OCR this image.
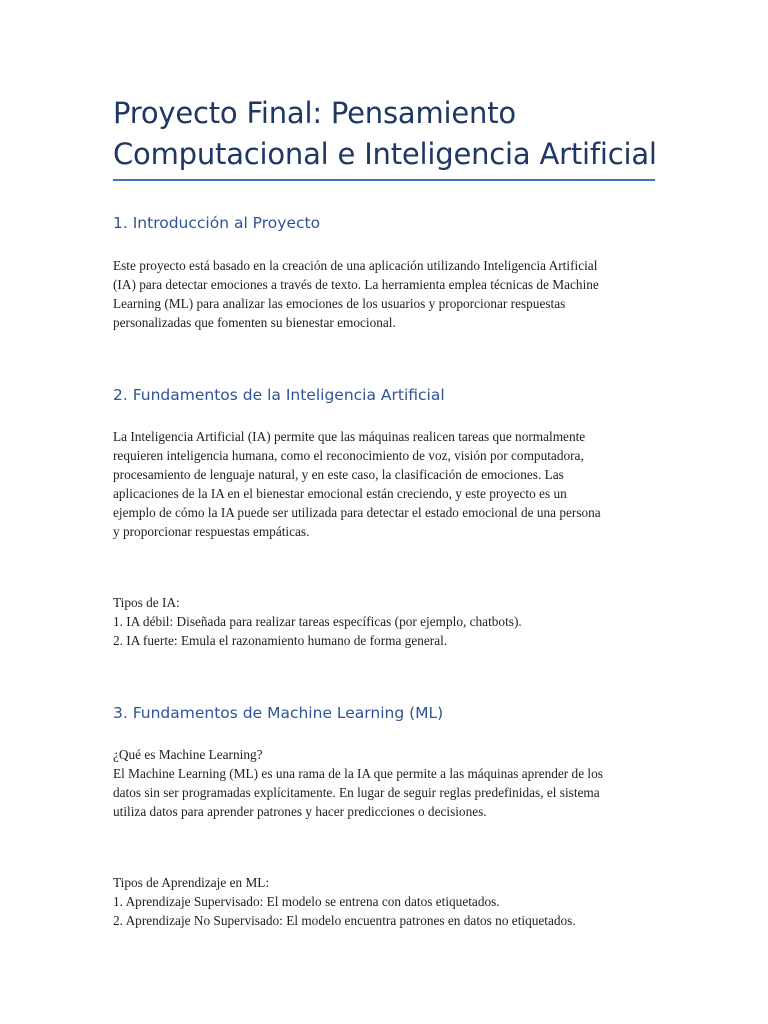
Proyecto Final: Pensamiento
Computacional e Inteligencia Artificial
1. Introducción al Proyecto
Este proyecto está basado en la creación de una aplicación utilizando Inteligencia Artificial
(IA) para detectar emociones a través de texto. La herramienta emplea técnicas de Machine
Learning (ML) para analizar las emociones de los usuarios y proporcionar respuestas
personalizadas que fomenten su bienestar emocional.
2. Fundamentos de la Inteligencia Artificial
La Inteligencia Artificial (IA) permite que las máquinas realicen tareas que normalmente
requieren inteligencia humana, como el reconocimiento de voz, visión por computadora,
procesamiento de lenguaje natural, y en este caso, la clasificación de emociones. Las
aplicaciones de la IA en el bienestar emocional están creciendo, y este proyecto es un
ejemplo de cómo la IA puede ser utilizada para detectar el estado emocional de una persona
y proporcionar respuestas empáticas.
Tipos de IA:
1. IA débil: Diseñada para realizar tareas específicas (por ejemplo, chatbots).
2. IA fuerte: Emula el razonamiento humano de forma general.
3. Fundamentos de Machine Learning (ML)
¿Qué es Machine Learning?
El Machine Learning (ML) es una rama de la IA que permite a las máquinas aprender de los
datos sin ser programadas explícitamente. En lugar de seguir reglas predefinidas, el sistema
utiliza datos para aprender patrones y hacer predicciones o decisiones.
Tipos de Aprendizaje en ML:
1. Aprendizaje Supervisado: El modelo se entrena con datos etiquetados.
2. Aprendizaje No Supervisado: El modelo encuentra patrones en datos no etiquetados.
